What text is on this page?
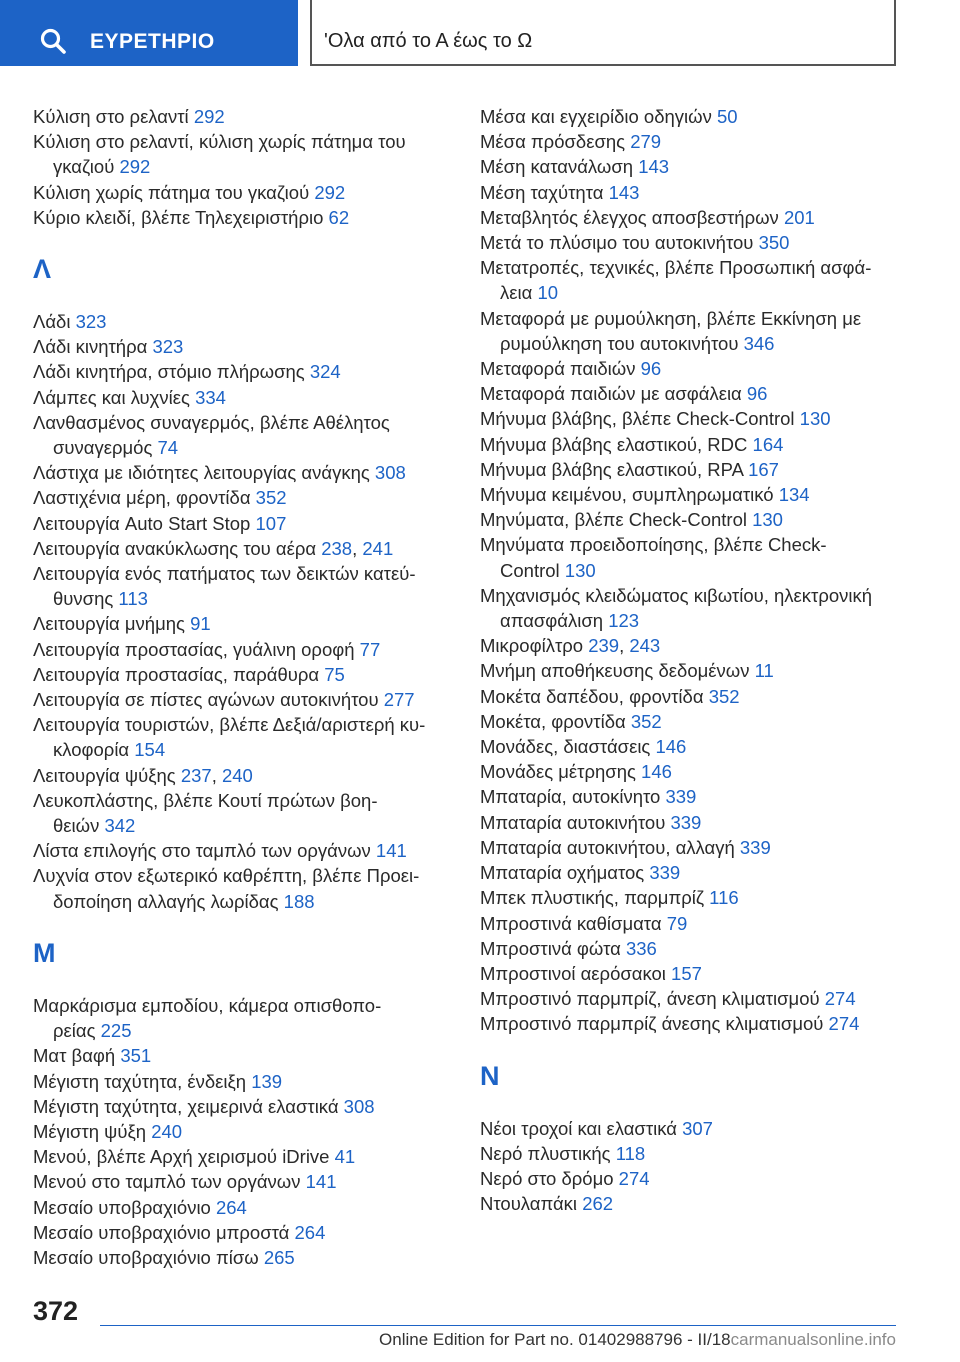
ΕΥΡΕΤΗΡΙΟ	'Ολα από το Α έως το Ω
Κύλιση στο ρελαντί 292
Κύλιση στο ρελαντί, κύλιση χωρίς πάτημα του
γκαζιού 292
Κύλιση χωρίς πάτημα του γκαζιού 292
Κύριο κλειδί, βλέπε Τηλεχειριστήριο 62
Λ
Λάδι 323
Λάδι κινητήρα 323
Λάδι κινητήρα, στόμιο πλήρωσης 324
Λάμπες και λυχνίες 334
Λανθασμένος συναγερμός, βλέπε Αθέλητος
συναγερμός 74
Λάστιχα με ιδιότητες λειτουργίας ανάγκης 308
Λαστιχένια μέρη, φροντίδα 352
Λειτουργία Auto Start Stop 107
Λειτουργία ανακύκλωσης του αέρα 238, 241
Λειτουργία ενός πατήματος των δεικτών κατεύ-
θυνσης 113
Λειτουργία μνήμης 91
Λειτουργία προστασίας, γυάλινη οροφή 77
Λειτουργία προστασίας, παράθυρα 75
Λειτουργία σε πίστες αγώνων αυτοκινήτου 277
Λειτουργία τουριστών, βλέπε Δεξιά/αριστερή κυ-
κλοφορία 154
Λειτουργία ψύξης 237, 240
Λευκοπλάστης, βλέπε Κουτί πρώτων βοη-
θειών 342
Λίστα επιλογής στο ταμπλό των οργάνων 141
Λυχνία στον εξωτερικό καθρέπτη, βλέπε Προει-
δοποίηση αλλαγής λωρίδας 188
Μ
Μαρκάρισμα εμποδίου, κάμερα οπισθοπο-
ρείας 225
Ματ βαφή 351
Μέγιστη ταχύτητα, ένδειξη 139
Μέγιστη ταχύτητα, χειμερινά ελαστικά 308
Μέγιστη ψύξη 240
Μενού, βλέπε Αρχή χειρισμού iDrive 41
Μενού στο ταμπλό των οργάνων 141
Μεσαίο υποβραχιόνιο 264
Μεσαίο υποβραχιόνιο μπροστά 264
Μεσαίο υποβραχιόνιο πίσω 265
Μέσα και εγχειρίδιο οδηγιών 50
Μέσα πρόσδεσης 279
Μέση κατανάλωση 143
Μέση ταχύτητα 143
Μεταβλητός έλεγχος αποσβεστήρων 201
Μετά το πλύσιμο του αυτοκινήτου 350
Μετατροπές, τεχνικές, βλέπε Προσωπική ασφά-
λεια 10
Μεταφορά με ρυμούλκηση, βλέπε Εκκίνηση με
ρυμούλκηση του αυτοκινήτου 346
Μεταφορά παιδιών 96
Μεταφορά παιδιών με ασφάλεια 96
Μήνυμα βλάβης, βλέπε Check-Control 130
Μήνυμα βλάβης ελαστικού, RDC 164
Μήνυμα βλάβης ελαστικού, RPA 167
Μήνυμα κειμένου, συμπληρωματικό 134
Μηνύματα, βλέπε Check-Control 130
Μηνύματα προειδοποίησης, βλέπε Check-
Control 130
Μηχανισμός κλειδώματος κιβωτίου, ηλεκτρονική
απασφάλιση 123
Μικροφίλτρο 239, 243
Μνήμη αποθήκευσης δεδομένων 11
Μοκέτα δαπέδου, φροντίδα 352
Μοκέτα, φροντίδα 352
Μονάδες, διαστάσεις 146
Μονάδες μέτρησης 146
Μπαταρία, αυτοκίνητο 339
Μπαταρία αυτοκινήτου 339
Μπαταρία αυτοκινήτου, αλλαγή 339
Μπαταρία οχήματος 339
Μπεκ πλυστικής, παρμπρίζ 116
Μπροστινά καθίσματα 79
Μπροστινά φώτα 336
Μπροστινοί αερόσακοι 157
Μπροστινό παρμπρίζ, άνεση κλιματισμού 274
Μπροστινό παρμπρίζ άνεσης κλιματισμού 274
Ν
Νέοι τροχοί και ελαστικά 307
Νερό πλυστικής 118
Νερό στο δρόμο 274
Ντουλαπάκι 262
372
Online Edition for Part no. 01402988796 - II/18carmanualsonline.info
